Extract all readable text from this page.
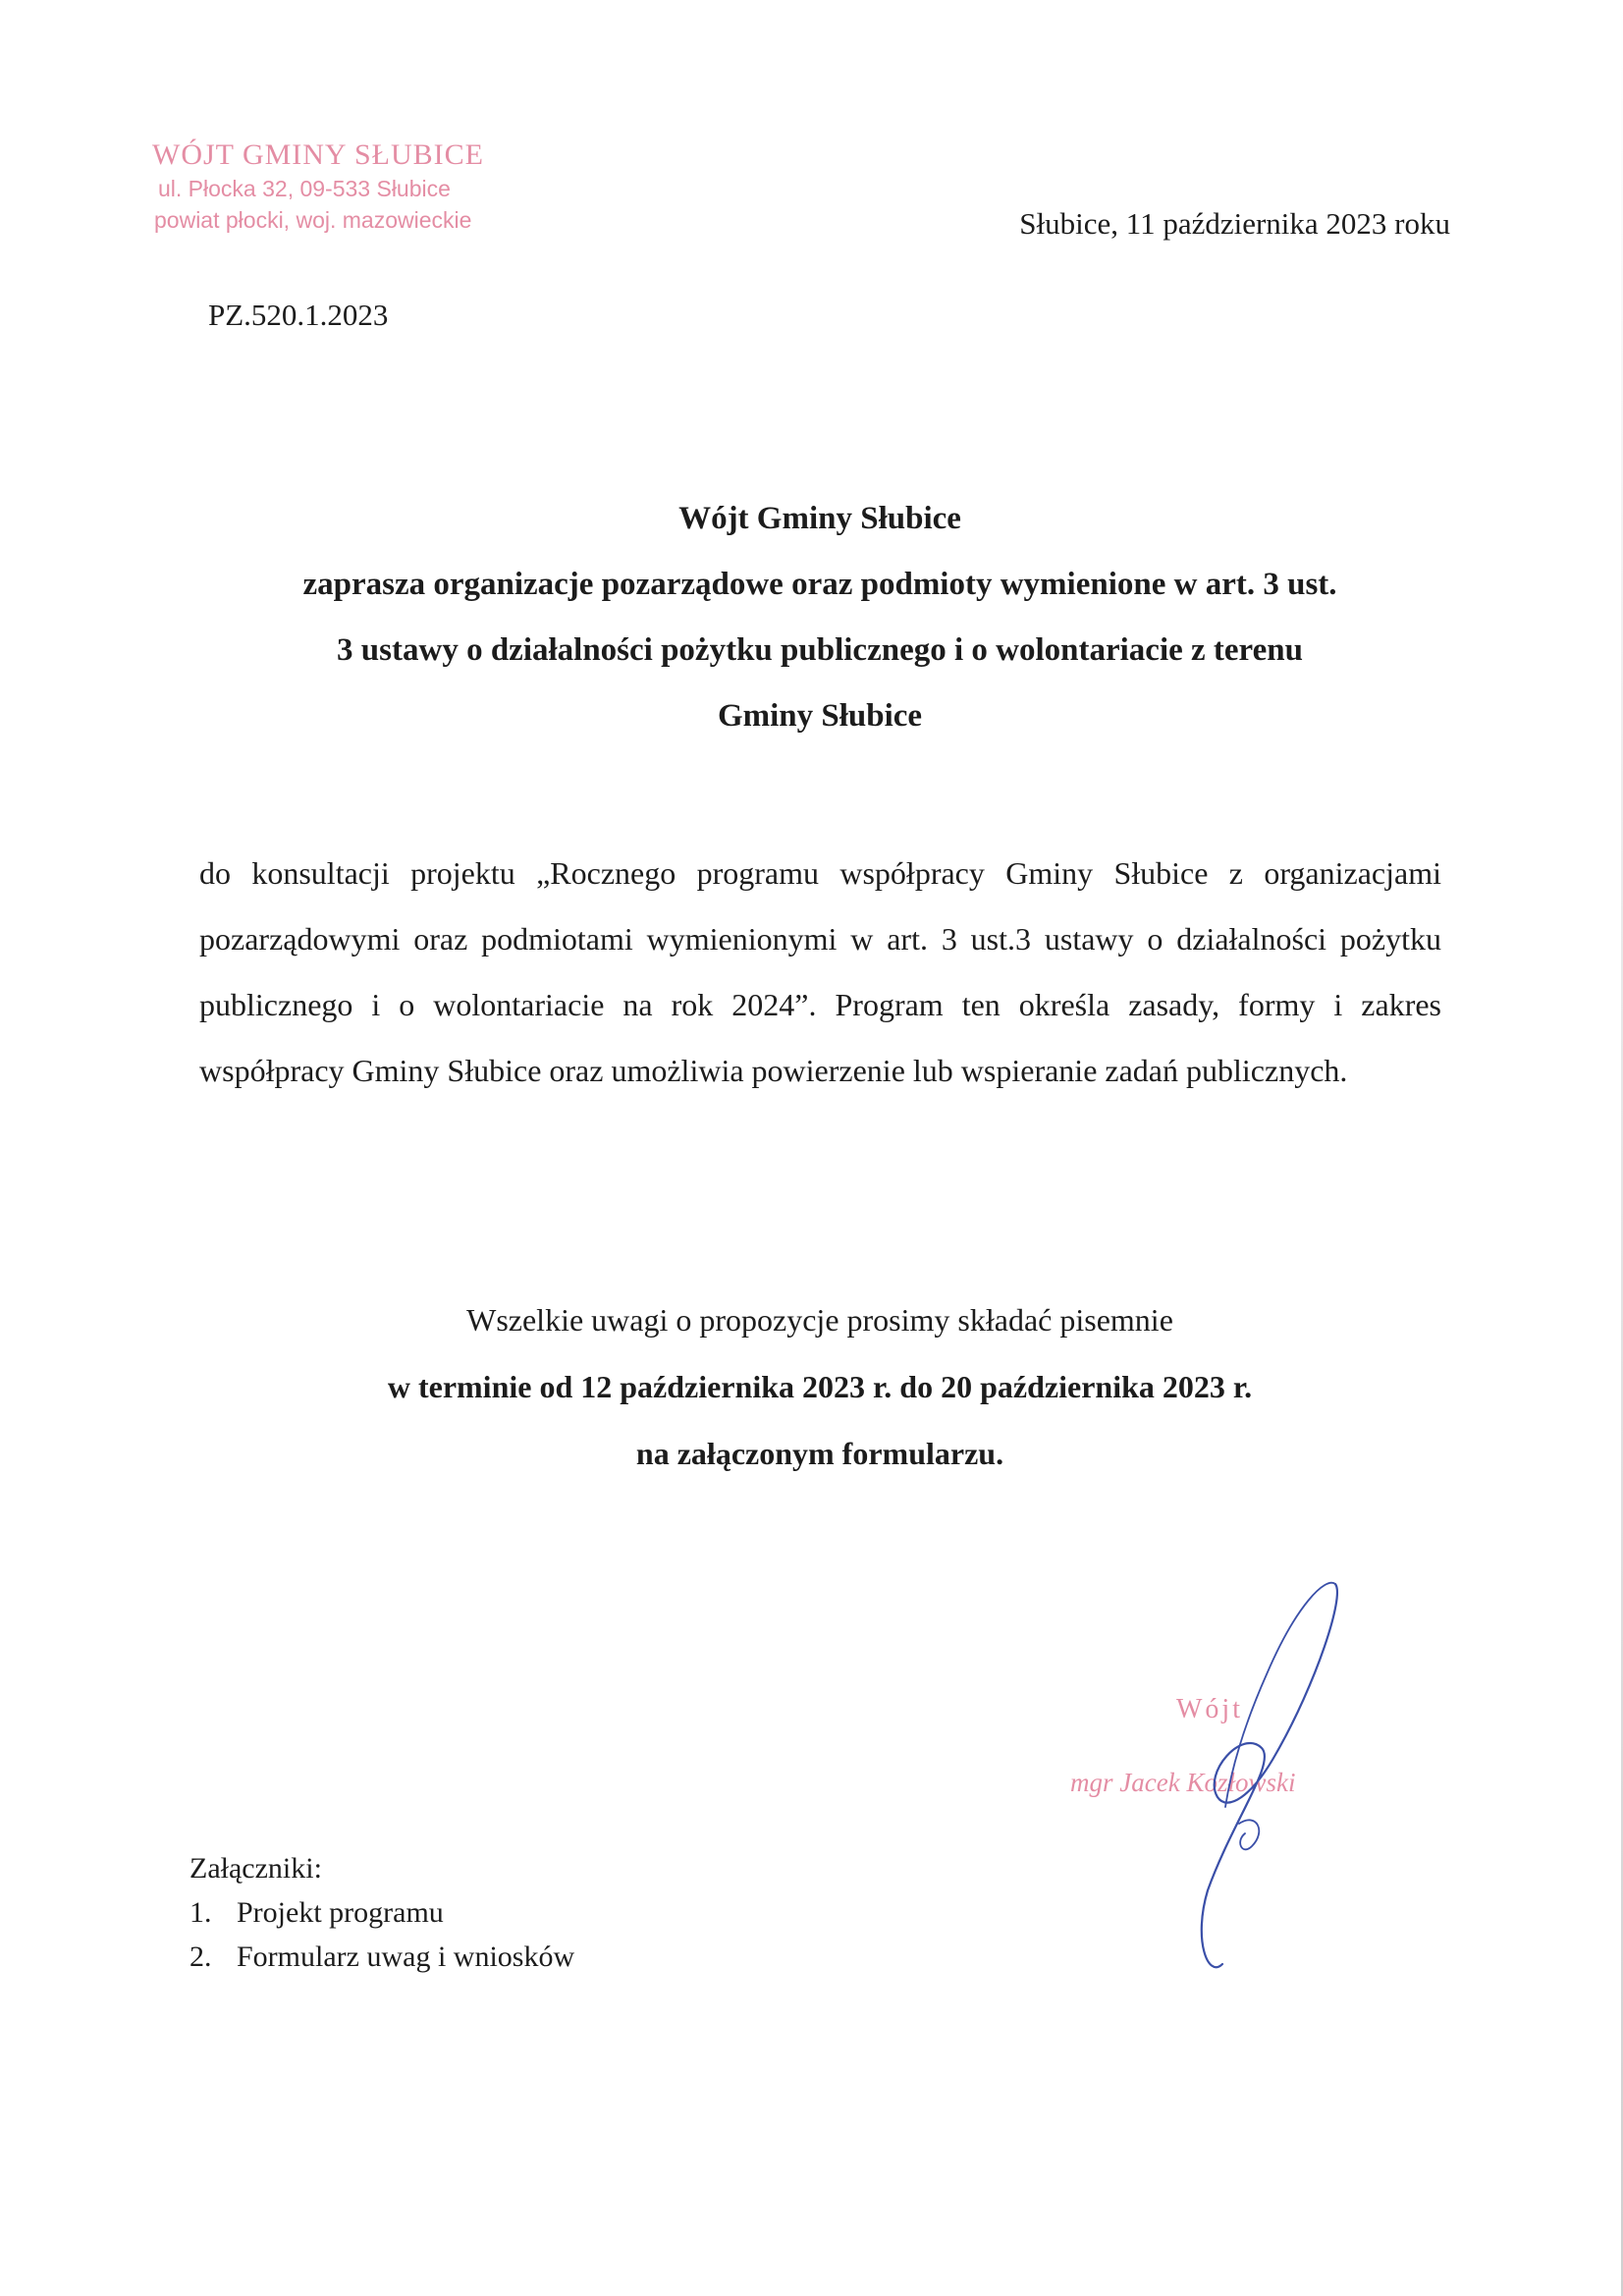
WÓJT GMINY SŁUBICE
ul. Płocka 32, 09-533 Słubice
powiat płocki, woj. mazowieckie	Słubice, 11 października 2023 roku
PZ.520.1.2023
Wójt Gminy Słubice
zaprasza organizacje pozarządowe oraz podmioty wymienione w art. 3 ust.
3 ustawy o działalności pożytku publicznego i o wolontariacie z terenu
Gminy Słubice
do konsultacji projektu „Rocznego programu współpracy Gminy Słubice z organizacjami pozarządowymi oraz podmiotami wymienionymi w art. 3 ust.3 ustawy o działalności pożytku publicznego i o wolontariacie na rok 2024”. Program ten określa zasady, formy i zakres współpracy Gminy Słubice oraz umożliwia powierzenie lub wspieranie zadań publicznych.
Wszelkie uwagi o propozycje prosimy składać pisemnie
w terminie od 12 października 2023 r. do 20 października 2023 r.
na załączonym formularzu.
Wójt
mgr Jacek Kozłowski
Załączniki:
1. Projekt programu
2. Formularz uwag i wniosków
